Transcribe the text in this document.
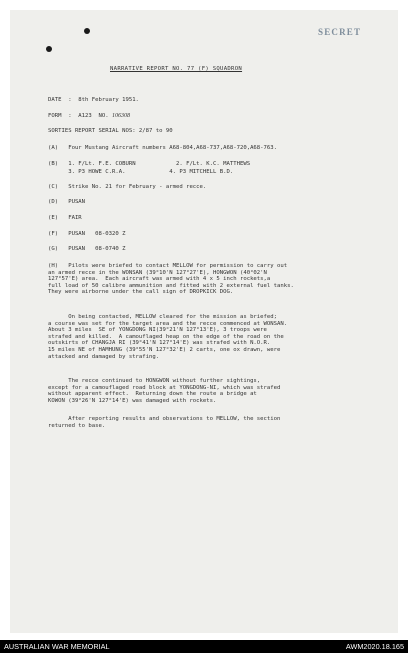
SECRET

NARRATIVE REPORT NO. 77 (F) SQUADRON

DATE  :  8th February 1951.

FORM  :  A123  NO. 106308

SORTIES REPORT SERIAL NOS: 2/87 to 90

(A)   Four Mustang Aircraft numbers A68-804,A68-737,A68-720,A68-763.

(B)   1. F/Lt. F.E. COBURN            2. F/Lt. K.C. MATTHEWS

3. P3 HOWE C.R.A.             4. P3 MITCHELL B.D.

(C)   Strike No. 21 for February - armed recce.

(D)   PUSAN

(E)   FAIR

(F)   PUSAN   08-0320 Z

(G)   PUSAN   08-0740 Z

(H)   Pilots were briefed to contact MELLOW for permission to carry out
an armed recce in the WONSAN (39°10'N 127°27'E), HONGWON (40°02'N
127°57'E) area.  Each aircraft was armed with 4 x 5 inch rockets,a
full load of 50 calibre ammunition and fitted with 2 external fuel tanks.
They were airborne under the call sign of DROPKICK DOG.

On being contacted, MELLOW cleared for the mission as briefed;
a course was set for the target area and the recce commenced at WONSAN.
About 3 miles  SE of YONGDONG NI(39°21'N 127°13'E), 3 troops were
strafed and killed.  A camouflaged heap on the edge of the road on the
outskirts of CHANGJA RI (39°41'N 127°14'E) was strafed with N.O.R.
15 miles NE of HAMHUNG (39°55'N 127°32'E) 2 carts, one ox drawn, were
attacked and damaged by strafing.

The recce continued to HONGWON without further sightings,
except for a camouflaged road block at YONGDONG-NI, which was strafed
without apparent effect.  Returning down the route a bridge at
KOWON (39°26'N 127°14'E) was damaged with rockets.

After reporting results and observations to MELLOW, the section
returned to base.

AUSTRALIAN WAR MEMORIAL	AWM2020.18.165
